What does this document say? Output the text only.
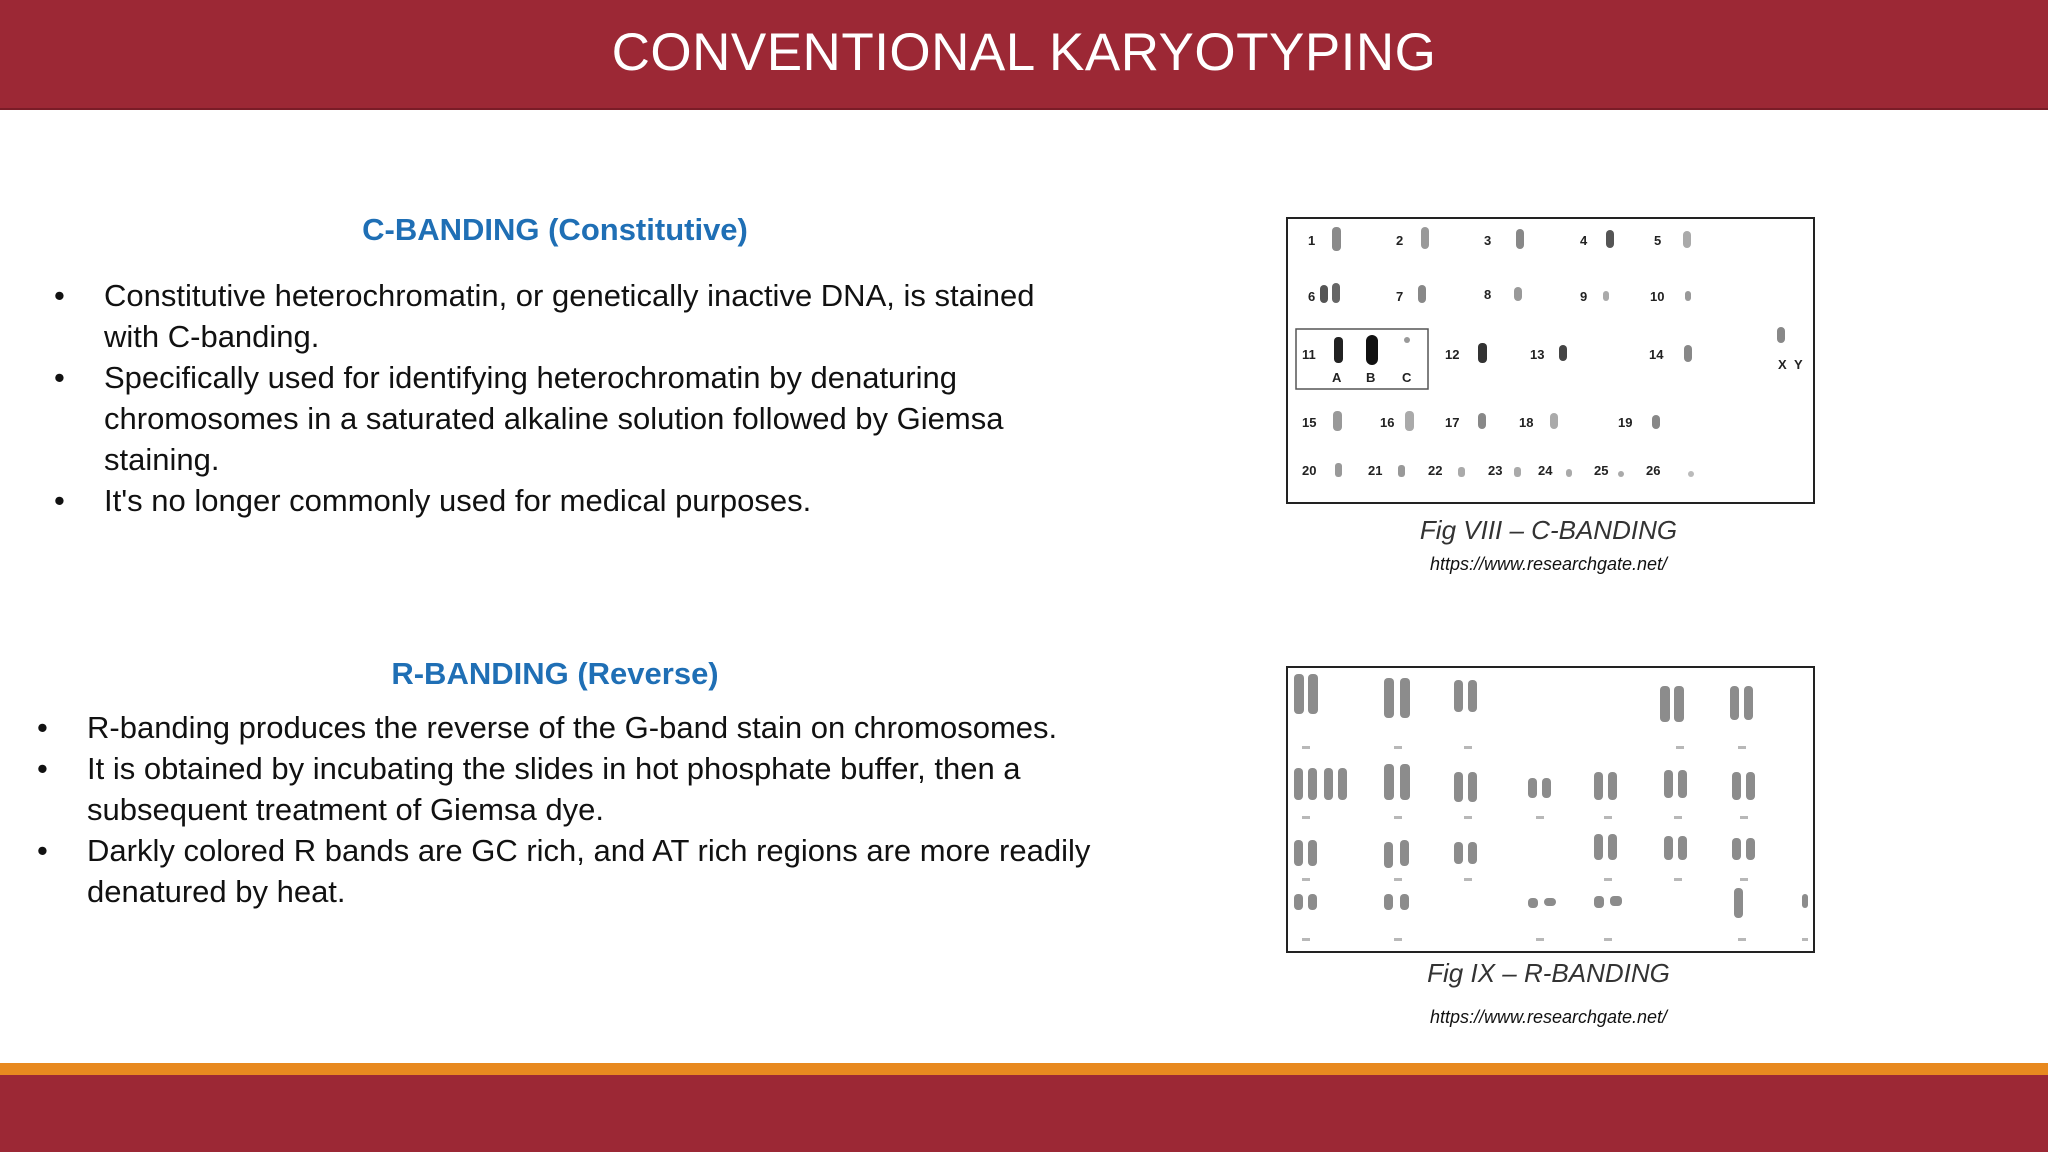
CONVENTIONAL KARYOTYPING
C-BANDING (Constitutive)
• Constitutive heterochromatin, or genetically inactive DNA, is stained with C-banding.
• Specifically used for identifying heterochromatin by denaturing chromosomes in a saturated alkaline solution followed by Giemsa staining.
• It's no longer commonly used for medical purposes.
1	2	3	4	5
6	7	8	9	10
11
A B C
12	13	14
X Y
15	16	17	18	19
20	21	22	23	24	25	26
Fig VIII – C-BANDING
https://www.researchgate.net/
R-BANDING (Reverse)
• R-banding produces the reverse of the G-band stain on chromosomes.
• It is obtained by incubating the slides in hot phosphate buffer, then a subsequent treatment of Giemsa dye.
• Darkly colored R bands are GC rich, and AT rich regions are more readily denatured by heat.
Fig IX – R-BANDING
https://www.researchgate.net/
